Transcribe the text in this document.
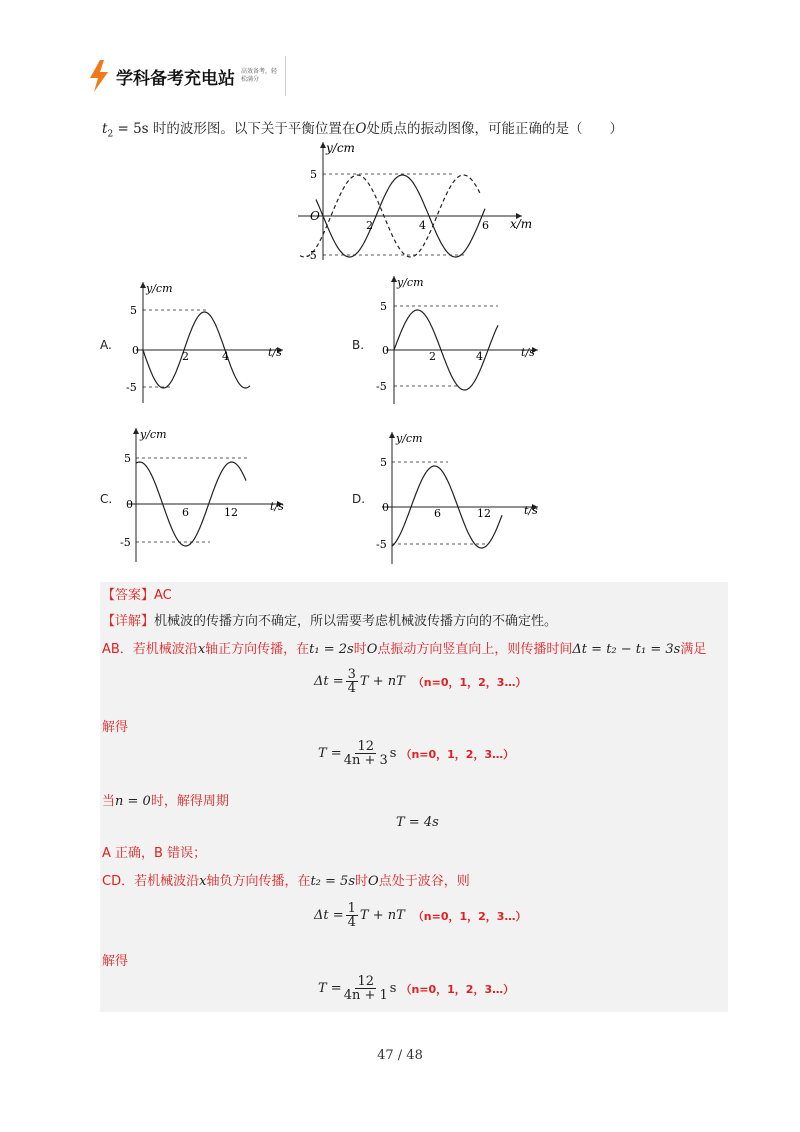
学科备考充电站 高效备考，轻松满分
$t_2 = 5s$ 时的波形图。以下关于平衡位置在O处质点的振动图像，可能正确的是（　　）
y/cm
x/m
O
2	4	6
5
-5
A.
y/cm
t/s
0	2	4
5
-5
B.
y/cm
t/s
0	2	4
5
-5
C.
y/cm
t/s
0
6	12
5
-5
D.
y/cm
t/s
0	6	12
5
-5
【答案】AC
【详解】机械波的传播方向不确定，所以需要考虑机械波传播方向的不确定性。
AB．若机械波沿x轴正方向传播，在t₁ = 2s时O点振动方向竖直向上，则传播时间Δt = t₂ − t₁ = 3s满足
$\Delta t = \frac{3}{4}$ T + nT （n=0，1，2，3…）
解得
$T = \frac{12}{4n + 3}$ s （n=0，1，2，3…）
当n = 0时，解得周期
T = 4s
A 正确，B 错误；
CD．若机械波沿x轴负方向传播，在t₂ = 5s时O点处于波谷，则
$\Delta t = \frac{1}{4}$ T + nT （n=0，1，2，3…）
解得
$T = \frac{12}{4n + 1}$ s （n=0，1，2，3…）
47 / 48
